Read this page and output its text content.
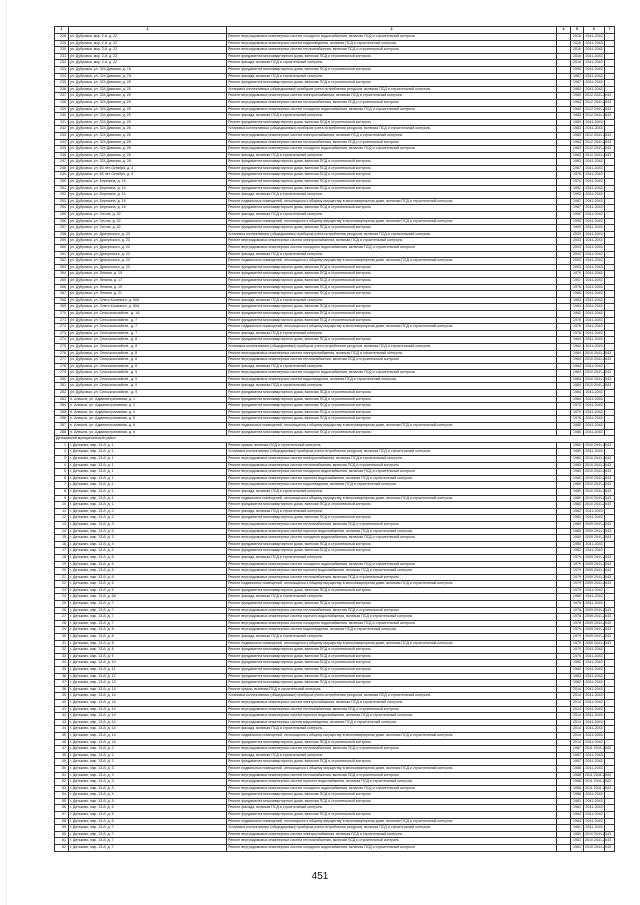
1	2	3	4	5	6	7
228	ул. Дубровка, мкр. 2-й, д. 22	Ремонт внутридомовых инженерных систем холодного водоснабжения, включая ПСД и строительный контроль		2016	2041-2043	
229	ул. Дубровка, мкр. 2-й, д. 22	Ремонт внутридомовых инженерных систем водоотведения, включая ПСД и строительный контроль		2016	2041-2043	
230	ул. Дубровка, мкр. 2-й, д. 22	Ремонт внутридомовых инженерных систем теплоснабжения, включая ПСД и строительный контроль		2016	2041-2043	
231	ул. Дубровка, мкр. 2-й, д. 22	Ремонт фундамента многоквартирного дома, включая ПСД и строительный контроль		2016	2041-2043	
232	ул. Дубровка, мкр. 2-й, д. 22	Ремонт фасада, включая ПСД и строительный контроль		2016	2041-2043	
233	ул. Дубровка, ул. 324 Дивизии, д. 7А	Ремонт фундамента многоквартирного дома, включая ПСД и строительный контроль		1990	2041-2043	
234	ул. Дубровка, ул. 324 Дивизии, д. 7А	Ремонт фасада, включая ПСД и строительный контроль		1987	2041-2043	
235	ул. Дубровка, ул. 324 Дивизии, д. 25	Ремонт фундамента многоквартирного дома, включая ПСД и строительный контроль		1987	2041-2043	
236	ул. Дубровка, ул. 324 Дивизии, д. 25	Установка коллективных (общедомовых) приборов учета потребления ресурсов, включая ПСД и строительный контроль		1983	2041-2043	
237	ул. Дубровка, ул. 324 Дивизии, д. 25	Ремонт внутридомовых инженерных систем электроснабжения, включая ПСД и строительный контроль		1983	2012 2041-2043	
238	ул. Дубровка, ул. 324 Дивизии, д. 25	Ремонт внутридомовых инженерных систем теплоснабжения, включая ПСД и строительный контроль		1983	2012 2041-2043	
239	ул. Дубровка, ул. 324 Дивизии, д. 25	Ремонт внутридомовых инженерных систем холодного водоснабжения, включая ПСД и строительный контроль		1983	2012 2041-2043	
240	ул. Дубровка, ул. 324 Дивизии, д. 25	Ремонт фасада, включая ПСД и строительный контроль		1983	2012 2041-2043	
241	ул. Дубровка, ул. 324 Дивизии, д. 25	Ремонт фундамента многоквартирного дома, включая ПСД и строительный контроль		1983	2041-2043	
242	ул. Дубровка, ул. 324 Дивизии, д. 26	Установка коллективных (общедомовых) приборов учета потребления ресурсов, включая ПСД и строительный контроль		1983	2041-2043	
243	ул. Дубровка, ул. 324 Дивизии, д. 26	Ремонт внутридомовых инженерных систем электроснабжения, включая ПСД и строительный контроль		1983	2012 2041-2043	
244	ул. Дубровка, ул. 324 Дивизии, д. 26	Ремонт внутридомовых инженерных систем теплоснабжения, включая ПСД и строительный контроль		1983	2012 2041-2043	
245	ул. Дубровка, ул. 324 Дивизии, д. 26	Ремонт внутридомовых инженерных систем холодного водоснабжения, включая ПСД и строительный контроль		1983	2012 2041-2043	
246	ул. Дубровка, ул. 324 Дивизии, д. 26	Ремонт фасада, включая ПСД и строительный контроль		1983	2012 2041-2043	
247	ул. Дубровка, ул. 324 Дивизии, д. 26	Ремонт фундамента многоквартирного дома, включая ПСД и строительный контроль		1983	2041-2043	
248	ул. Дубровка, ул. 60 лет Октября, д. 4	Ремонт фундамента многоквартирного дома, включая ПСД и строительный контроль		1967	2041-2043	
249	ул. Дубровка, ул. 60 лет Октября, д. 6	Ремонт фундамента многоквартирного дома, включая ПСД и строительный контроль		1970	2041-2043	
250	ул. Дубровка, ул. Березина, д. 16	Ремонт фундамента многоквартирного дома, включая ПСД и строительный контроль		1970	2041-2043	
251	ул. Дубровка, ул. Березина, д. 14	Ремонт фундамента многоквартирного дома, включая ПСД и строительный контроль		1992	2041-2043	
252	ул. Дубровка, ул. Березина, д. 14	Ремонт фасада, включая ПСД и строительный контроль		1992	2041-2043	
253	ул. Дубровка, ул. Березина, д. 16	Ремонт подвальных помещений, относящихся к общему имуществу в многоквартирном доме, включая ПСД и строительный контроль		1987	2041-2043	
254	ул. Дубровка, ул. Березина, д. 16	Ремонт фундамента многоквартирного дома, включая ПСД и строительный контроль		1987	2041-2043	
255	ул. Дубровка, ул. Гоголя, д. 32	Ремонт фасада, включая ПСД и строительный контроль		1990	2041-2043	
256	ул. Дубровка, ул. Гоголя, д. 32	Ремонт подвальных помещений, относящихся к общему имуществу в многоквартирном доме, включая ПСД и строительный контроль		1990	2041-2043	
257	ул. Дубровка, ул. Гоголя, д. 32	Ремонт фундамента многоквартирного дома, включая ПСД и строительный контроль		1990	2041-2043	
258	ул. Дубровка, ул. Драгунского, д. 23	Установка коллективных (общедомовых) приборов учета потребления ресурсов, включая ПСД и строительный контроль		2003	2041-2043	
259	ул. Дубровка, ул. Драгунского, д. 23	Ремонт внутридомовых инженерных систем электроснабжения, включая ПСД и строительный контроль		2003	2041-2043	
260	ул. Дубровка, ул. Драгунского, д. 23	Ремонт внутридомовых инженерных систем холодного водоснабжения, включая ПСД и строительный контроль		2003	2041-2043	
261	ул. Дубровка, ул. Драгунского, д. 23	Ремонт фасада, включая ПСД и строительный контроль		2003	2041-2043	
262	ул. Дубровка, ул. Драгунского, д. 23	Ремонт подвальных помещений, относящихся к общему имуществу в многоквартирном доме, включая ПСД и строительный контроль		2003	2041-2043	
263	ул. Дубровка, ул. Драгунского, д. 23	Ремонт фундамента многоквартирного дома, включая ПСД и строительный контроль		2003	2041-2043	
264	ул. Дубровка, ул. Ленина, д. 15	Ремонт фундамента многоквартирного дома, включая ПСД и строительный контроль		1970	2041-2043	
265	ул. Дубровка, ул. Ленина, д. 17	Ремонт фундамента многоквартирного дома, включая ПСД и строительный контроль		1957	2041-2043	
266	ул. Дубровка, ул. Ленина, д. 19	Ремонт фундамента многоквартирного дома, включая ПСД и строительный контроль		1976	2041-2043	
267	ул. Дубровка, ул. Ленина, д. 21	Ремонт фундамента многоквартирного дома, включая ПСД и строительный контроль		1966	2041-2043	
268	ул. Дубровка, ул. Олега Кошевого, д. 50А	Ремонт фасада, включая ПСД и строительный контроль		1983	2041-2043	
269	ул. Дубровка, ул. Олега Кошевого, д. 50А	Ремонт фундамента многоквартирного дома, включая ПСД и строительный контроль		1983	2041-2043	
270	ул. Дубровка, ул. Сельскохозяйств., д. 1А	Ремонт фундамента многоквартирного дома, включая ПСД и строительный контроль		1982	2041-2043	
271	ул. Дубровка, ул. Сельскохозяйств., д. 7	Ремонт фундамента многоквартирного дома, включая ПСД и строительный контроль		1978	2041-2043	
272	ул. Дубровка, ул. Сельскохозяйств., д. 7	Ремонт подвальных помещений, относящихся к общему имуществу в многоквартирном доме, включая ПСД и строительный контроль		1978	2041-2043	
273	ул. Дубровка, ул. Сельскохозяйств., д. 7	Ремонт фасада, включая ПСД и строительный контроль		1978	2041-2043	
274	ул. Дубровка, ул. Сельскохозяйств., д. 8	Ремонт фундамента многоквартирного дома, включая ПСД и строительный контроль		1984	2041-2043	
275	ул. Дубровка, ул. Сельскохозяйств., д. 8	Установка коллективных (общедомовых) приборов учета потребления ресурсов, включая ПСД и строительный контроль		1984	2041-2043	
276	ул. Дубровка, ул. Сельскохозяйств., д. 8	Ремонт внутридомовых инженерных систем электроснабжения, включая ПСД и строительный контроль		1984	2010 2041-2043	
277	ул. Дубровка, ул. Сельскохозяйств., д. 8	Ремонт внутридомовых инженерных систем теплоснабжения, включая ПСД и строительный контроль		1984	2010 2041-2043	
278	ул. Дубровка, ул. Сельскохозяйств., д. 8	Ремонт фасада, включая ПСД и строительный контроль		1984	2041-2043	
279	ул. Дубровка, ул. Сельскохозяйств., д. 9	Ремонт внутридомовых инженерных систем холодного водоснабжения, включая ПСД и строительный контроль		1984	2010 2041-2043	
280	ул. Дубровка, ул. Сельскохозяйств., д. 9	Ремонт внутридомовых инженерных систем водоотведения, включая ПСД и строительный контроль		1984	2010 2041-2043	
281	ул. Дубровка, ул. Сельскохозяйств., д. 9	Ремонт фасада, включая ПСД и строительный контроль		1984	2010 2041-2043	
282	ул. Дубровка, ул. Сельскохозяйств., д. 9	Ремонт фундамента многоквартирного дома, включая ПСД и строительный контроль		1984	2041-2043	
283	п. Алешня, ул. Административная, д. 1	Ремонт фундамента многоквартирного дома, включая ПСД и строительный контроль		1964	2041-2043	
284	п. Алешня, ул. Административная, д. 2	Ремонт фундамента многоквартирного дома, включая ПСД и строительный контроль		1972	2041-2043	
285	п. Алешня, ул. Административная, д. 4	Ремонт фундамента многоквартирного дома, включая ПСД и строительный контроль		1970	2041-2043	
286	п. Алешня, ул. Административная, д. 5	Ремонт фундамента многоквартирного дома, включая ПСД и строительный контроль		1978	2041-2043	
287	п. Алешня, ул. Административная, д. 6	Ремонт подвальных помещений, относящихся к общему имуществу в многоквартирном доме, включая ПСД и строительный контроль		1985	2041-2043	
288	п. Алешня, ул. Административная, д. 6	Ремонт фундамента многоквартирного дома, включая ПСД и строительный контроль		1985	2041-2043	
Дятьковский муниципальный район						
1	г. Дятьково, мкр. 13-й, д. 1	Ремонт крыши, включая ПСД и строительный контроль		1980	2010 2041-2043	
2	г. Дятьково, мкр. 13-й, д. 1	Установка коллективных (общедомовых) приборов учета потребления ресурсов, включая ПСД и строительный контроль		1980	2041-2043	
3	г. Дятьково, мкр. 13-й, д. 1	Ремонт внутридомовых инженерных систем электроснабжения, включая ПСД и строительный контроль		1980	2010 2041-2043	
4	г. Дятьково, мкр. 13-й, д. 1	Ремонт внутридомовых инженерных систем теплоснабжения, включая ПСД и строительный контроль		1980	2010 2041-2043	
5	г. Дятьково, мкр. 13-й, д. 1	Ремонт внутридомовых инженерных систем холодного водоснабжения, включая ПСД и строительный контроль		1980	2010 2041-2043	
6	г. Дятьково, мкр. 13-й, д. 1	Ремонт внутридомовых инженерных систем горячего водоснабжения, включая ПСД и строительный контроль		1980	2010 2041-2043	
7	г. Дятьково, мкр. 13-й, д. 1	Ремонт внутридомовых инженерных систем водоотведения, включая ПСД и строительный контроль		1980	2010 2041-2043	
8	г. Дятьково, мкр. 13-й, д. 1	Ремонт фасада, включая ПСД и строительный контроль		1980	2010 2041-2043	
9	г. Дятьково, мкр. 13-й, д. 1	Ремонт подвальных помещений, относящихся к общему имуществу в многоквартирном доме, включая ПСД и строительный контроль		1980	2010 2041-2043	
10	г. Дятьково, мкр. 13-й, д. 1	Ремонт фундамента многоквартирного дома, включая ПСД и строительный контроль		1980	2010 2041-2043	
11	г. Дятьково, мкр. 13-й, д. 2	Ремонт фасада, включая ПСД и строительный контроль		1982	2041-2043	
12	г. Дятьково, мкр. 13-й, д. 2	Ремонт фундамента многоквартирного дома, включая ПСД и строительный контроль		1982	2041-2043	
13	г. Дятьково, мкр. 13-й, д. 3	Ремонт внутридомовых инженерных систем теплоснабжения, включая ПСД и строительный контроль		1985	2009 2041-2043	
14	г. Дятьково, мкр. 13-й, д. 3	Ремонт внутридомовых инженерных систем горячего водоснабжения, включая ПСД и строительный контроль		1985	2009 2041-2043	
15	г. Дятьково, мкр. 13-й, д. 3	Ремонт внутридомовых инженерных систем холодного водоснабжения, включая ПСД и строительный контроль		1985	2009 2041-2043	
16	г. Дятьково, мкр. 13-й, д. 4	Ремонт фундамента многоквартирного дома, включая ПСД и строительный контроль		1980	2041-2043	
17	г. Дятьково, мкр. 13-й, д. 5	Ремонт фундамента многоквартирного дома, включая ПСД и строительный контроль		1982	2041-2043	
18	г. Дятьково, мкр. 13-й, д. 6	Ремонт фасада, включая ПСД и строительный контроль		1979	2009 2041-2043	
19	г. Дятьково, мкр. 13-й, д. 6	Ремонт внутридомовых инженерных систем холодного водоснабжения, включая ПСД и строительный контроль		1979	2009 2041-2043	
20	г. Дятьково, мкр. 13-й, д. 6	Ремонт внутридомовых инженерных систем горячего водоснабжения, включая ПСД и строительный контроль		1979	2009 2041-2043	
21	г. Дятьково, мкр. 13-й, д. 6	Ремонт внутридомовых инженерных систем теплоснабжения, включая ПСД и строительный контроль		1979	2009 2041-2043	
22	г. Дятьково, мкр. 13-й, д. 6	Ремонт подвальных помещений, относящихся к общему имуществу в многоквартирном доме, включая ПСД и строительный контроль		1979	2009 2041-2043	
23	г. Дятьково, мкр. 13-й, д. 6	Ремонт фундамента многоквартирного дома, включая ПСД и строительный контроль		1979	2041-2043	
24	г. Дятьково, мкр. 13-й, д. 6А	Ремонт фасада, включая ПСД и строительный контроль		1986	2041-2043	
25	г. Дятьково, мкр. 13-й, д. 7	Ремонт фундамента многоквартирного дома, включая ПСД и строительный контроль		1978	2041-2043	
26	г. Дятьково, мкр. 13-й, д. 7	Ремонт внутридомовых инженерных систем теплоснабжения, включая ПСД и строительный контроль		1978	2009 2041-2043	
27	г. Дятьково, мкр. 13-й, д. 7	Ремонт внутридомовых инженерных систем горячего водоснабжения, включая ПСД и строительный контроль		1978	2009 2041-2043	
28	г. Дятьково, мкр. 13-й, д. 7	Ремонт внутридомовых инженерных систем холодного водоснабжения, включая ПСД и строительный контроль		1978	2009 2041-2043	
29	г. Дятьково, мкр. 13-й, д. 8	Ремонт внутридомовых инженерных систем водоотведения, включая ПСД и строительный контроль		1979	2009 2041-2043	
30	г. Дятьково, мкр. 13-й, д. 8	Ремонт фасада, включая ПСД и строительный контроль		1979	2009 2041-2043	
31	г. Дятьково, мкр. 13-й, д. 8	Ремонт подвальных помещений, относящихся к общему имуществу в многоквартирном доме, включая ПСД и строительный контроль		1979	2009 2041-2043	
32	г. Дятьково, мкр. 13-й, д. 8	Ремонт фундамента многоквартирного дома, включая ПСД и строительный контроль		1979	2041-2043	
33	г. Дятьково, мкр. 13-й, д. 9	Ремонт фундамента многоквартирного дома, включая ПСД и строительный контроль		1976	2041-2043	
34	г. Дятьково, мкр. 13-й, д. 10	Ремонт фундамента многоквартирного дома, включая ПСД и строительный контроль		1982	2041-2043	
35	г. Дятьково, мкр. 13-й, д. 11	Ремонт фундамента многоквартирного дома, включая ПСД и строительный контроль		1983	2041-2043	
36	г. Дятьково, мкр. 13-й, д. 12	Ремонт фундамента многоквартирного дома, включая ПСД и строительный контроль		1983	2041-2043	
37	г. Дятьково, мкр. 13-й, д. 13	Ремонт фундамента многоквартирного дома, включая ПСД и строительный контроль		1982	2041-2043	
38	г. Дятьково, мкр. 13-й, д. 14	Ремонт крыши, включая ПСД и строительный контроль		2014	2041-2043	
39	г. Дятьково, мкр. 13-й, д. 14	Установка коллективных (общедомовых) приборов учета потребления ресурсов, включая ПСД и строительный контроль		2014	2041-2043	
40	г. Дятьково, мкр. 13-й, д. 14	Ремонт внутридомовых инженерных систем электроснабжения, включая ПСД и строительный контроль		2014	2041-2043	
41	г. Дятьково, мкр. 13-й, д. 14	Ремонт внутридомовых инженерных систем теплоснабжения, включая ПСД и строительный контроль		2014	2041-2043	
42	г. Дятьково, мкр. 13-й, д. 14	Ремонт внутридомовых инженерных систем горячего водоснабжения, включая ПСД и строительный контроль		2014	2041-2043	
43	г. Дятьково, мкр. 13-й, д. 14	Ремонт внутридомовых инженерных систем водоотведения, включая ПСД и строительный контроль		2014	2041-2043	
44	г. Дятьково, мкр. 13-й, д. 14	Ремонт фасада, включая ПСД и строительный контроль		2014	2041-2043	
45	г. Дятьково, мкр. 13-й, д. 14	Ремонт подвальных помещений, относящихся к общему имуществу в многоквартирном доме, включая ПСД и строительный контроль		2014	2041-2043	
46	г. Дятьково, мкр. 13-й, д. 14	Ремонт фундамента многоквартирного дома, включая ПСД и строительный контроль		2014	2041-2043	
47	г. Дятьково, мкр. 13-й, д. 2	Ремонт внутридомовых инженерных систем теплоснабжения, включая ПСД и строительный контроль		1987	2011 2041-2043	
48	г. Дятьково, мкр. 13-й, д. 2	Ремонт фасада, включая ПСД и строительный контроль		1987	2041-2043	
49	г. Дятьково, мкр. 13-й, д. 2	Ремонт фундамента многоквартирного дома, включая ПСД и строительный контроль		1987	2041-2043	
50	г. Дятьково, мкр. 13-й, д. 3	Ремонт подвальных помещений, относящихся к общему имуществу в многоквартирном доме, включая ПСД и строительный контроль		1988	2041-2043	
51	г. Дятьково, мкр. 13-й, д. 3	Ремонт внутридомовых инженерных систем теплоснабжения, включая ПСД и строительный контроль		1988	2011 2041-2043	
52	г. Дятьково, мкр. 13-й, д. 3	Ремонт внутридомовых инженерных систем горячего водоснабжения, включая ПСД и строительный контроль		1988	2011 2041-2043	
53	г. Дятьково, мкр. 13-й, д. 3	Ремонт внутридомовых инженерных систем холодного водоснабжения, включая ПСД и строительный контроль		1988	2011 2041-2043	
54	г. Дятьково, мкр. 13-й, д. 4	Ремонт фундамента многоквартирного дома, включая ПСД и строительный контроль		1988	2041-2043	
55	г. Дятьково, мкр. 13-й, д. 5	Ремонт фундамента многоквартирного дома, включая ПСД и строительный контроль		1981	2041-2043	
56	г. Дятьково, мкр. 13-й, д. 5	Ремонт фасада, включая ПСД и строительный контроль		1981	2041-2043	
57	г. Дятьково, мкр. 13-й, д. 6	Ремонт фундамента многоквартирного дома, включая ПСД и строительный контроль		1984	2041-2043	
58	г. Дятьково, мкр. 13-й, д. 6	Ремонт подвальных помещений, относящихся к общему имуществу в многоквартирном доме, включая ПСД и строительный контроль		1984	2041-2043	
59	г. Дятьково, мкр. 13-й, д. 7	Установка коллективных (общедомовых) приборов учета потребления ресурсов, включая ПСД и строительный контроль		1981	2041-2043	
60	г. Дятьково, мкр. 13-й, д. 7	Ремонт внутридомовых инженерных систем электроснабжения, включая ПСД и строительный контроль		1981	2010 2041-2043	
61	г. Дятьково, мкр. 13-й, д. 7	Ремонт внутридомовых инженерных систем теплоснабжения, включая ПСД и строительный контроль		1981	2010 2041-2043	
62	г. Дятьково, мкр. 13-й, д. 7	Ремонт внутридомовых инженерных систем холодного водоснабжения, включая ПСД и строительный контроль		1981	2010 2041-2043	
451
